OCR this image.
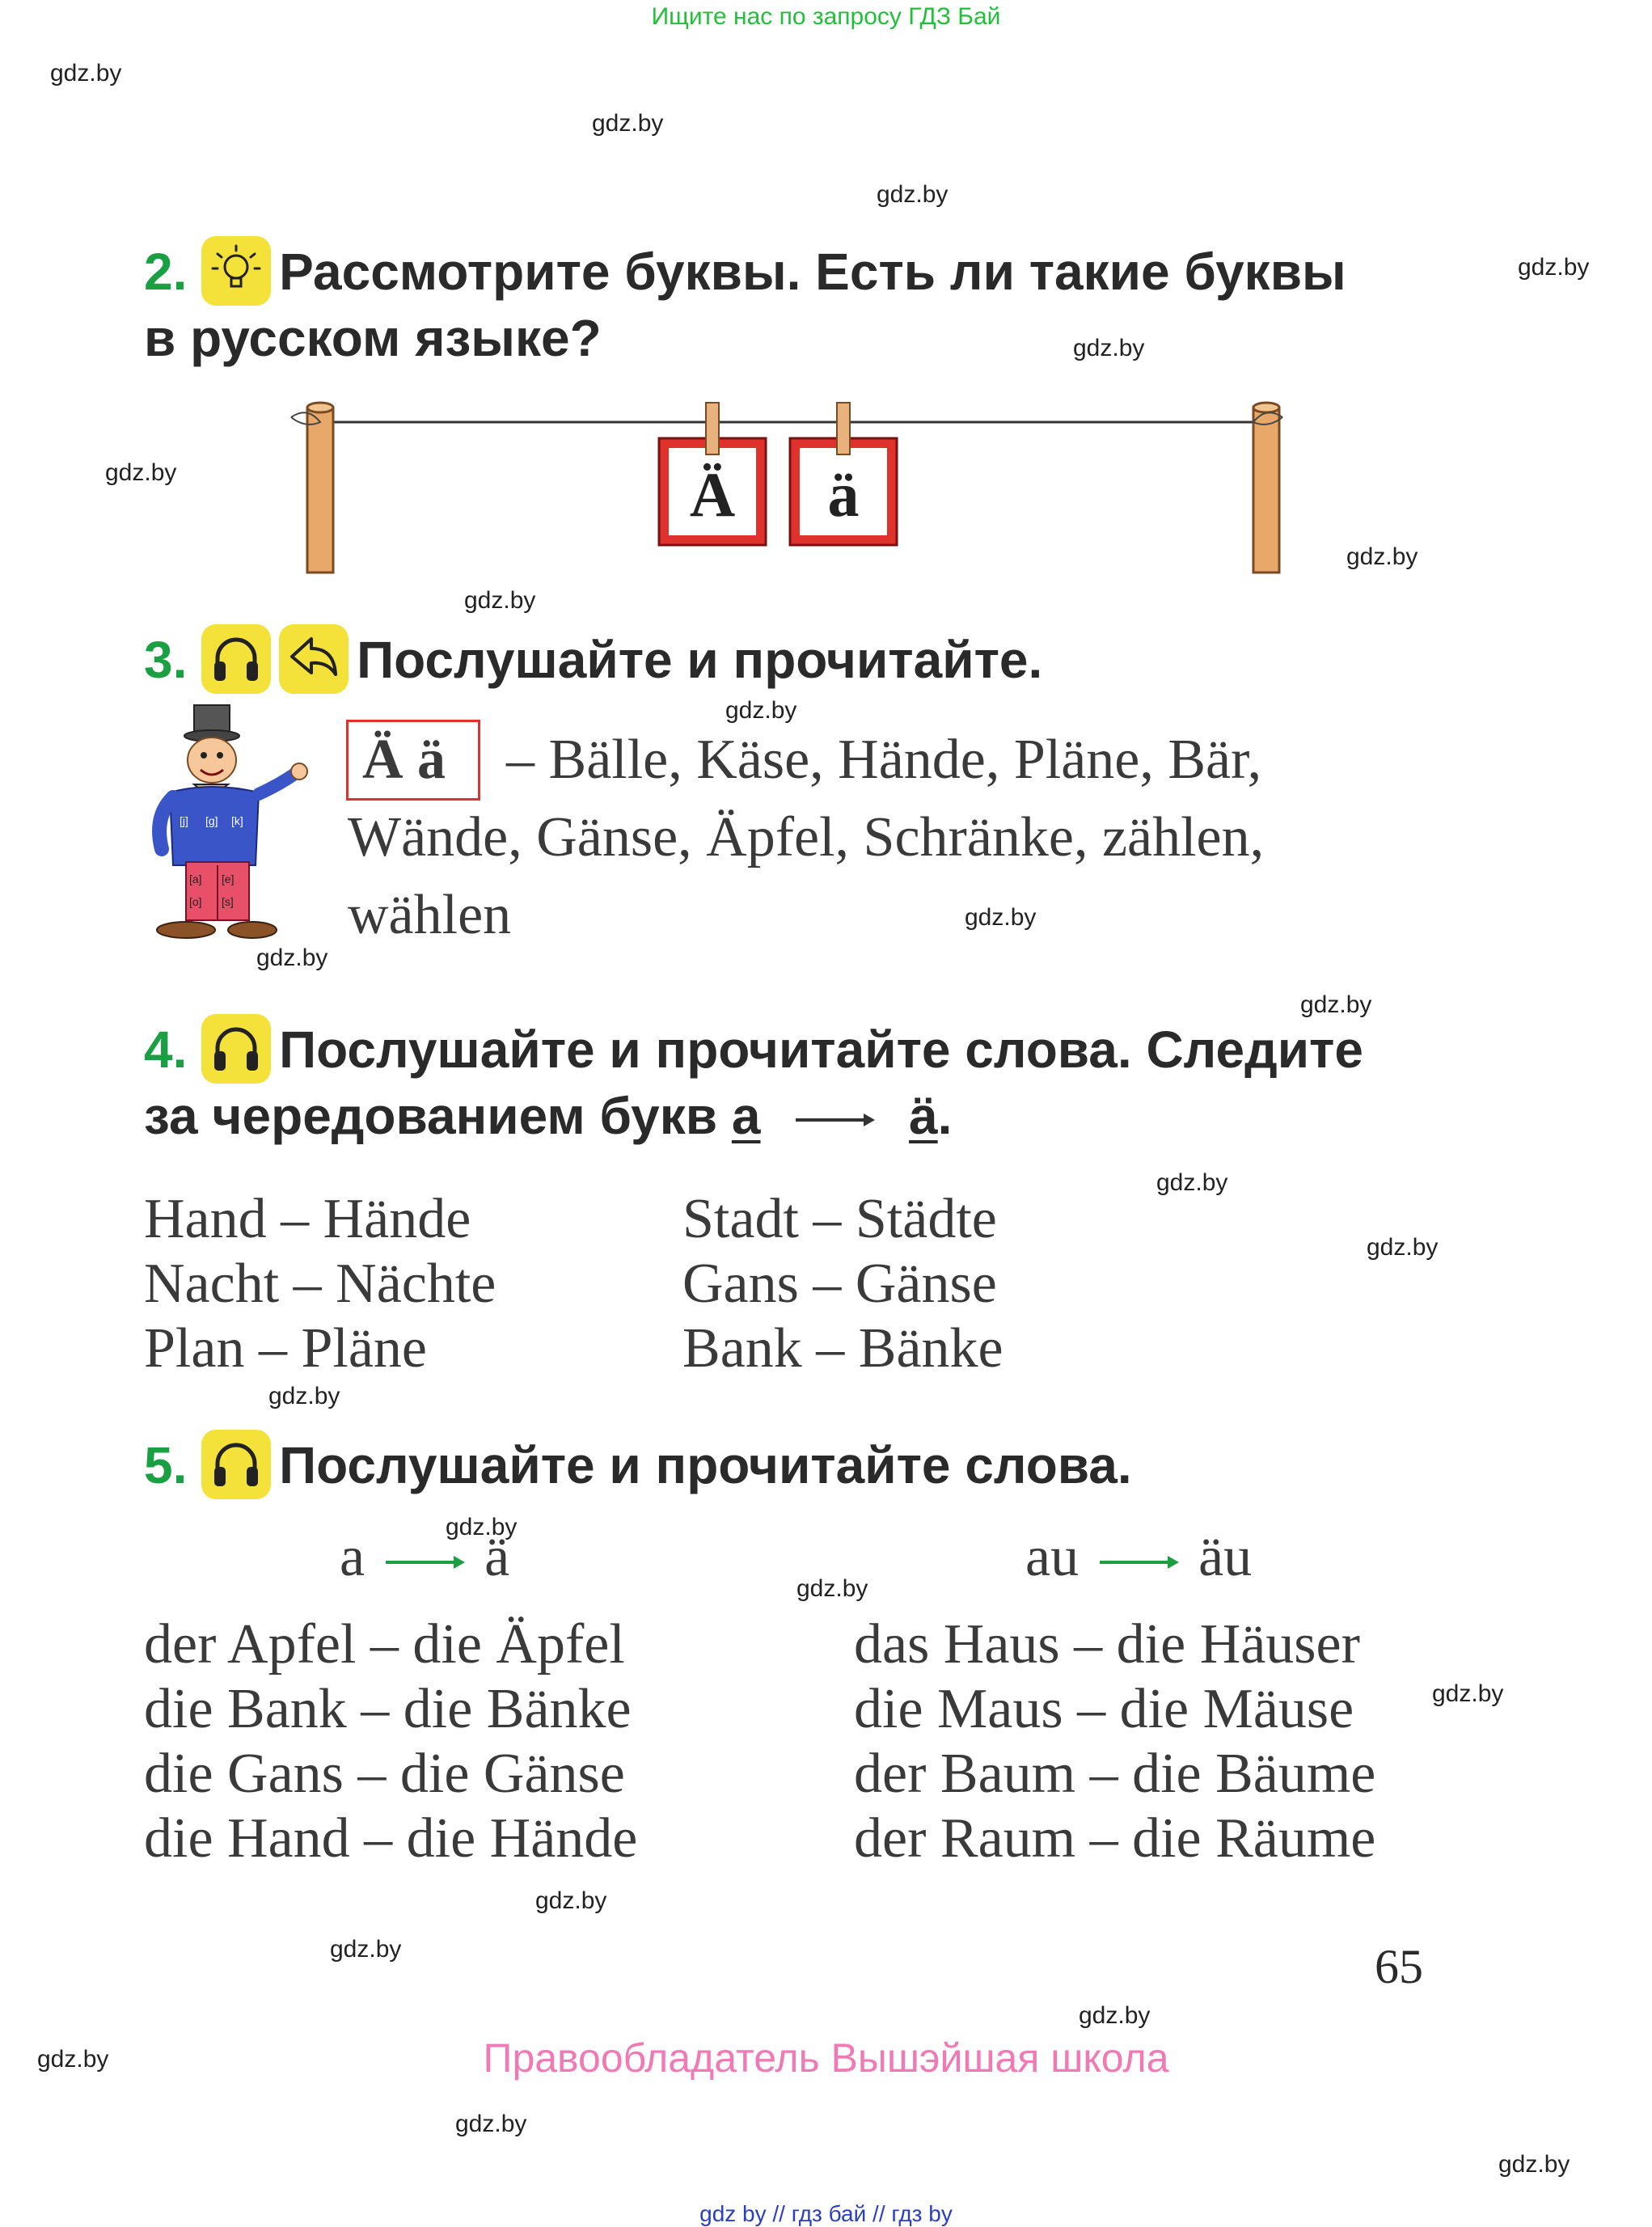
Ищите нас по запросу ГДЗ Бай
gdz.by
gdz.by
gdz.by
gdz.by
gdz.by
gdz.by
gdz.by
gdz.by
gdz.by
gdz.by
gdz.by
gdz.by
gdz.by
gdz.by
gdz.by
gdz.by
gdz.by
gdz.by
gdz.by
gdz.by
gdz.by
gdz.by
gdz.by
gdz.by
2. Рассмотрите буквы. Есть ли такие буквы
в русском языке?
Ä ä
3.	Послушайте и прочитайте.
[j] [g] [k]
[a] [e]
[o] [s]
Ä ä – Bälle, Käse, Hände, Pläne, Bär,
Wände, Gänse, Äpfel, Schränke, zählen,
wählen
4. Послушайте и прочитайте слова. Следите
за чередованием букв a	ä.
Hand – Hände
Nacht – Nächte
Plan – Pläne
Stadt – Städte
Gans – Gänse
Bank – Bänke
5. Послушайте и прочитайте слова.
a ä	au äu
der Apfel – die Äpfel
die Bank – die Bänke
die Gans – die Gänse
die Hand – die Hände
das Haus – die Häuser
die Maus – die Mäuse
der Baum – die Bäume
der Raum – die Räume
65
Правообладатель Вышэйшая школа
gdz by // гдз бай // гдз by
